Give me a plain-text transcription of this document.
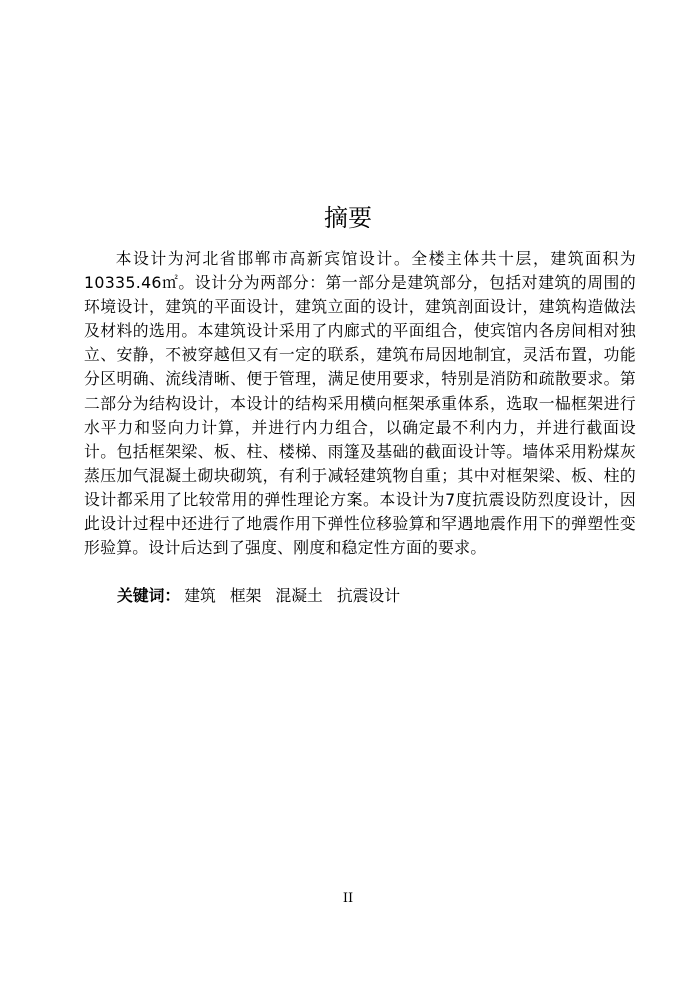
摘要

本设计为河北省邯郸市高新宾馆设计。全楼主体共十层，建筑面积为10335.46㎡。设计分为两部分：第一部分是建筑部分，包括对建筑的周围的环境设计，建筑的平面设计，建筑立面的设计，建筑剖面设计，建筑构造做法及材料的选用。本建筑设计采用了内廊式的平面组合，使宾馆内各房间相对独立、安静，不被穿越但又有一定的联系，建筑布局因地制宜，灵活布置，功能分区明确、流线清晰、便于管理，满足使用要求，特别是消防和疏散要求。第二部分为结构设计，本设计的结构采用横向框架承重体系，选取一榀框架进行水平力和竖向力计算，并进行内力组合，以确定最不利内力，并进行截面设计。包括框架梁、板、柱、楼梯、雨篷及基础的截面设计等。墙体采用粉煤灰蒸压加气混凝土砌块砌筑，有利于减轻建筑物自重；其中对框架梁、板、柱的设计都采用了比较常用的弹性理论方案。本设计为7度抗震设防烈度设计，因此设计过程中还进行了地震作用下弹性位移验算和罕遇地震作用下的弹塑性变形验算。设计后达到了强度、刚度和稳定性方面的要求。

关键词： 建筑 框架 混凝土 抗震设计

II
